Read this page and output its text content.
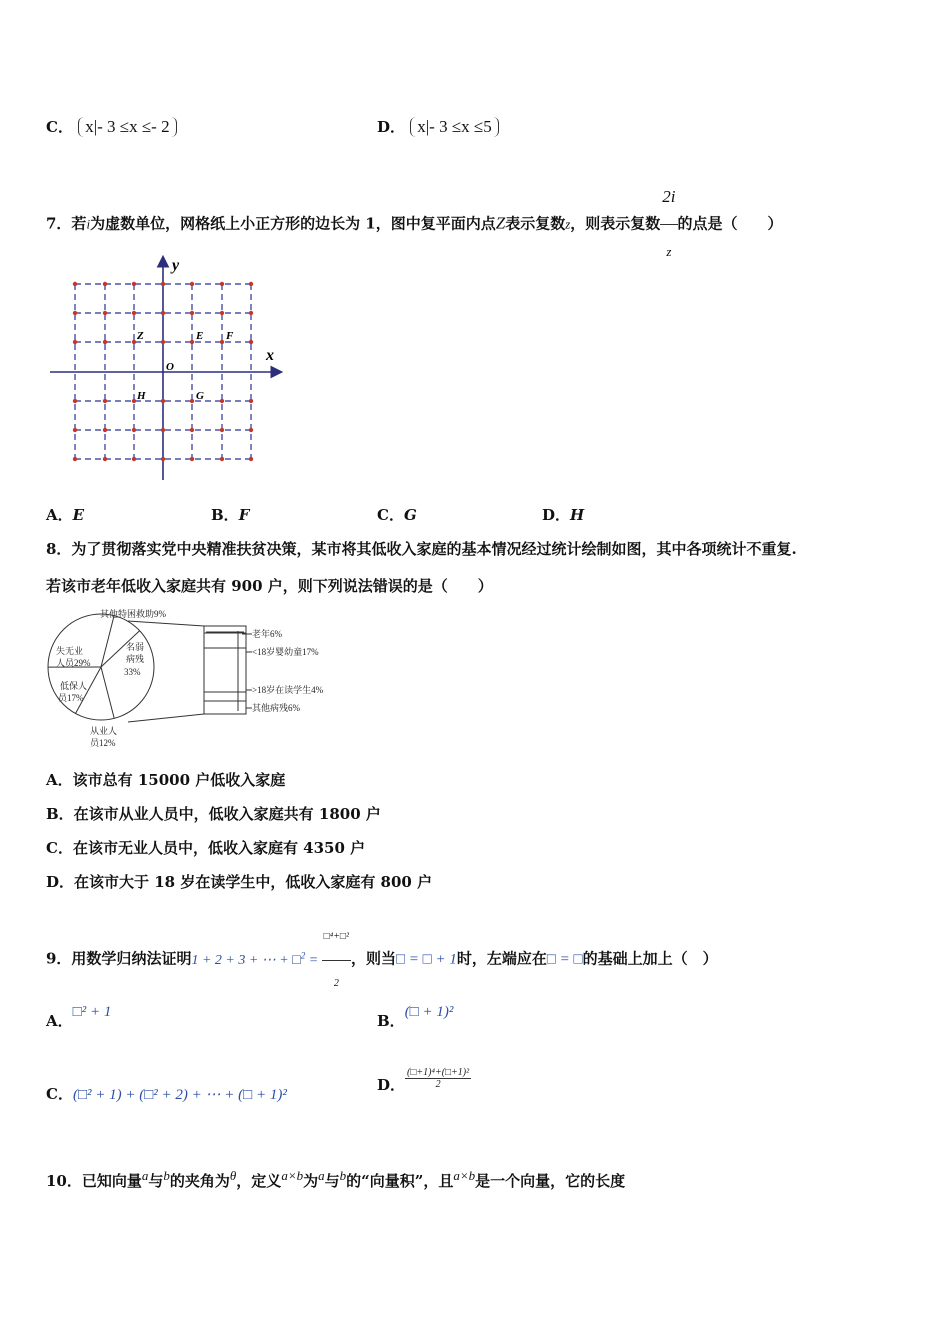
C． x|- 3 ≤x ≤- 2	D． x|- 3 ≤x ≤5
7．若i为虚数单位，网格纸上小正方形的边长为 1，图中复平面内点Z表示复数z，则表示复数 $\frac{2i}{z}$ 的点是（　　）
x
y
O
Z	E F
H	G
A．E	B．F	C．G	D．H
8．为了贯彻落实党中央精准扶贫决策，某市将其低收入家庭的基本情况经过统计绘制如图，其中各项统计不重复.
若该市老年低收入家庭共有 900 户，则下列说法错误的是（　　）
其他特困救助9%
失无业
人员29%
名弱
病残
33%
低保人
员17%
从业人
员12%
老年6%
<18岁婴幼童17%
>18岁在读学生4%
其他病残6%
A．该市总有 15000 户低收入家庭
B．在该市从业人员中，低收入家庭共有 1800 户
C．在该市无业人员中，低收入家庭有 4350 户
D．在该市大于 18 岁在读学生中，低收入家庭有 800 户
9．用数学归纳法证明1 + 2 + 3 + ⋯ + □$^2$ = $\frac{\text{□⁴+□²}}{2}$ ，则当□ = □ + 1时，左端应在□ = □的基础上加上（　）
A．□² + 1	B．(□ + 1)²
C．(□² + 1) + (□² + 2) + ⋯ + (□ + 1)²
D． $\frac{\text{(□+1)⁴+(□+1)²}}{2}$
10．已知向量$^a$与$^b$的夹角为$^\theta$，定义$^{a\times b}$为$^a$与$^b$的“向量积”，且$^{a\times b}$是一个向量，它的长度
